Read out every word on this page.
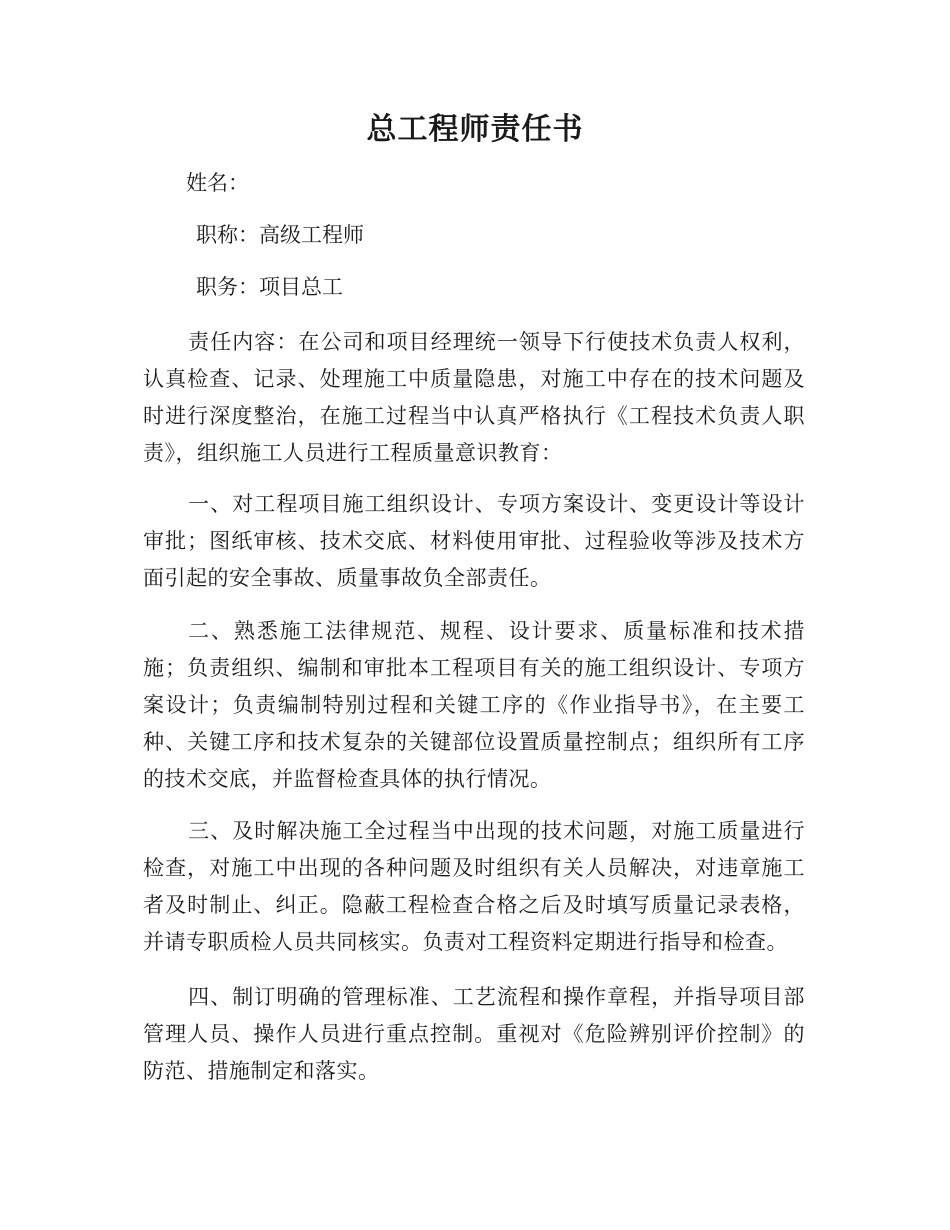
总工程师责任书

姓名：

职称：高级工程师

职务：项目总工

责任内容：在公司和项目经理统一领导下行使技术负责人权利，认真检查、记录、处理施工中质量隐患，对施工中存在的技术问题及时进行深度整治，在施工过程当中认真严格执行《工程技术负责人职责》，组织施工人员进行工程质量意识教育：

一、对工程项目施工组织设计、专项方案设计、变更设计等设计审批；图纸审核、技术交底、材料使用审批、过程验收等涉及技术方面引起的安全事故、质量事故负全部责任。

二、熟悉施工法律规范、规程、设计要求、质量标准和技术措施；负责组织、编制和审批本工程项目有关的施工组织设计、专项方案设计；负责编制特别过程和关键工序的《作业指导书》，在主要工种、关键工序和技术复杂的关键部位设置质量控制点；组织所有工序的技术交底，并监督检查具体的执行情况。

三、及时解决施工全过程当中出现的技术问题，对施工质量进行检查，对施工中出现的各种问题及时组织有关人员解决，对违章施工者及时制止、纠正。隐蔽工程检查合格之后及时填写质量记录表格，并请专职质检人员共同核实。负责对工程资料定期进行指导和检查。

四、制订明确的管理标准、工艺流程和操作章程，并指导项目部管理人员、操作人员进行重点控制。重视对《危险辨别评价控制》的防范、措施制定和落实。
